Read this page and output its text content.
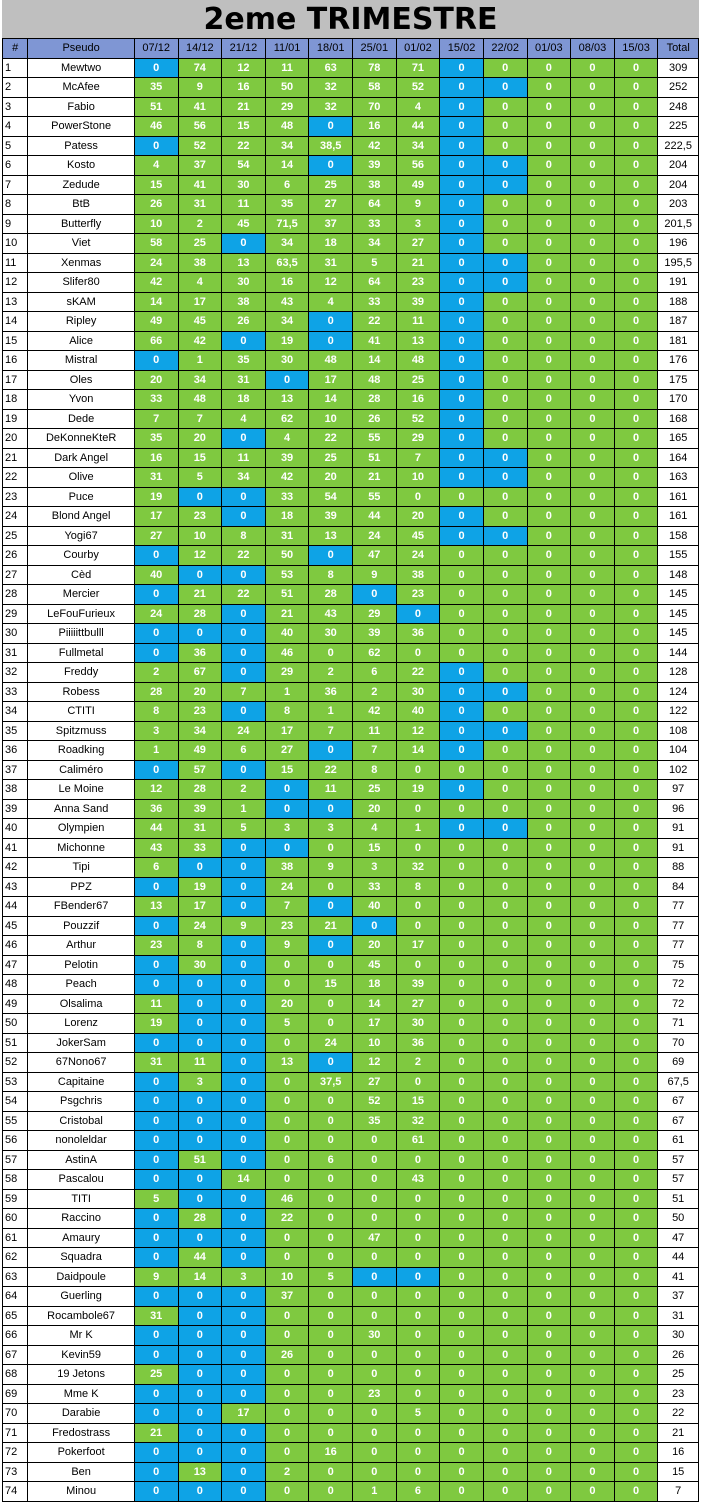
2eme TRIMESTRE
#	Pseudo	07/12	14/12	21/12	11/01	18/01	25/01	01/02	15/02	22/02	01/03	08/03	15/03	Total
1	Mewtwo	0	74	12	11	63	78	71	0	0	0	0	0	309
2	McAfee	35	9	16	50	32	58	52	0	0	0	0	0	252
3	Fabio	51	41	21	29	32	70	4	0	0	0	0	0	248
4	PowerStone	46	56	15	48	0	16	44	0	0	0	0	0	225
5	Patess	0	52	22	34	38,5	42	34	0	0	0	0	0	222,5
6	Kosto	4	37	54	14	0	39	56	0	0	0	0	0	204
7	Zedude	15	41	30	6	25	38	49	0	0	0	0	0	204
8	BtB	26	31	11	35	27	64	9	0	0	0	0	0	203
9	Butterfly	10	2	45	71,5	37	33	3	0	0	0	0	0	201,5
10	Viet	58	25	0	34	18	34	27	0	0	0	0	0	196
11	Xenmas	24	38	13	63,5	31	5	21	0	0	0	0	0	195,5
12	Slifer80	42	4	30	16	12	64	23	0	0	0	0	0	191
13	sKAM	14	17	38	43	4	33	39	0	0	0	0	0	188
14	Ripley	49	45	26	34	0	22	11	0	0	0	0	0	187
15	Alice	66	42	0	19	0	41	13	0	0	0	0	0	181
16	Mistral	0	1	35	30	48	14	48	0	0	0	0	0	176
17	Oles	20	34	31	0	17	48	25	0	0	0	0	0	175
18	Yvon	33	48	18	13	14	28	16	0	0	0	0	0	170
19	Dede	7	7	4	62	10	26	52	0	0	0	0	0	168
20	DeKonneKteR	35	20	0	4	22	55	29	0	0	0	0	0	165
21	Dark Angel	16	15	11	39	25	51	7	0	0	0	0	0	164
22	Olive	31	5	34	42	20	21	10	0	0	0	0	0	163
23	Puce	19	0	0	33	54	55	0	0	0	0	0	0	161
24	Blond Angel	17	23	0	18	39	44	20	0	0	0	0	0	161
25	Yogi67	27	10	8	31	13	24	45	0	0	0	0	0	158
26	Courby	0	12	22	50	0	47	24	0	0	0	0	0	155
27	Cèd	40	0	0	53	8	9	38	0	0	0	0	0	148
28	Mercier	0	21	22	51	28	0	23	0	0	0	0	0	145
29	LeFouFurieux	24	28	0	21	43	29	0	0	0	0	0	0	145
30	Piiiiittbulll	0	0	0	40	30	39	36	0	0	0	0	0	145
31	Fullmetal	0	36	0	46	0	62	0	0	0	0	0	0	144
32	Freddy	2	67	0	29	2	6	22	0	0	0	0	0	128
33	Robess	28	20	7	1	36	2	30	0	0	0	0	0	124
34	CTITI	8	23	0	8	1	42	40	0	0	0	0	0	122
35	Spitzmuss	3	34	24	17	7	11	12	0	0	0	0	0	108
36	Roadking	1	49	6	27	0	7	14	0	0	0	0	0	104
37	Caliméro	0	57	0	15	22	8	0	0	0	0	0	0	102
38	Le Moine	12	28	2	0	11	25	19	0	0	0	0	0	97
39	Anna Sand	36	39	1	0	0	20	0	0	0	0	0	0	96
40	Olympien	44	31	5	3	3	4	1	0	0	0	0	0	91
41	Michonne	43	33	0	0	0	15	0	0	0	0	0	0	91
42	Tipi	6	0	0	38	9	3	32	0	0	0	0	0	88
43	PPZ	0	19	0	24	0	33	8	0	0	0	0	0	84
44	FBender67	13	17	0	7	0	40	0	0	0	0	0	0	77
45	Pouzzif	0	24	9	23	21	0	0	0	0	0	0	0	77
46	Arthur	23	8	0	9	0	20	17	0	0	0	0	0	77
47	Pelotin	0	30	0	0	0	45	0	0	0	0	0	0	75
48	Peach	0	0	0	0	15	18	39	0	0	0	0	0	72
49	Olsalima	11	0	0	20	0	14	27	0	0	0	0	0	72
50	Lorenz	19	0	0	5	0	17	30	0	0	0	0	0	71
51	JokerSam	0	0	0	0	24	10	36	0	0	0	0	0	70
52	67Nono67	31	11	0	13	0	12	2	0	0	0	0	0	69
53	Capitaine	0	3	0	0	37,5	27	0	0	0	0	0	0	67,5
54	Psgchris	0	0	0	0	0	52	15	0	0	0	0	0	67
55	Cristobal	0	0	0	0	0	35	32	0	0	0	0	0	67
56	nonoleldar	0	0	0	0	0	0	61	0	0	0	0	0	61
57	AstinA	0	51	0	0	6	0	0	0	0	0	0	0	57
58	Pascalou	0	0	14	0	0	0	43	0	0	0	0	0	57
59	TITI	5	0	0	46	0	0	0	0	0	0	0	0	51
60	Raccino	0	28	0	22	0	0	0	0	0	0	0	0	50
61	Amaury	0	0	0	0	0	47	0	0	0	0	0	0	47
62	Squadra	0	44	0	0	0	0	0	0	0	0	0	0	44
63	Daidpoule	9	14	3	10	5	0	0	0	0	0	0	0	41
64	Guerling	0	0	0	37	0	0	0	0	0	0	0	0	37
65	Rocambole67	31	0	0	0	0	0	0	0	0	0	0	0	31
66	Mr K	0	0	0	0	0	30	0	0	0	0	0	0	30
67	Kevin59	0	0	0	26	0	0	0	0	0	0	0	0	26
68	19 Jetons	25	0	0	0	0	0	0	0	0	0	0	0	25
69	Mme K	0	0	0	0	0	23	0	0	0	0	0	0	23
70	Darabie	0	0	17	0	0	0	5	0	0	0	0	0	22
71	Fredostrass	21	0	0	0	0	0	0	0	0	0	0	0	21
72	Pokerfoot	0	0	0	0	16	0	0	0	0	0	0	0	16
73	Ben	0	13	0	2	0	0	0	0	0	0	0	0	15
74	Minou	0	0	0	0	0	1	6	0	0	0	0	0	7
